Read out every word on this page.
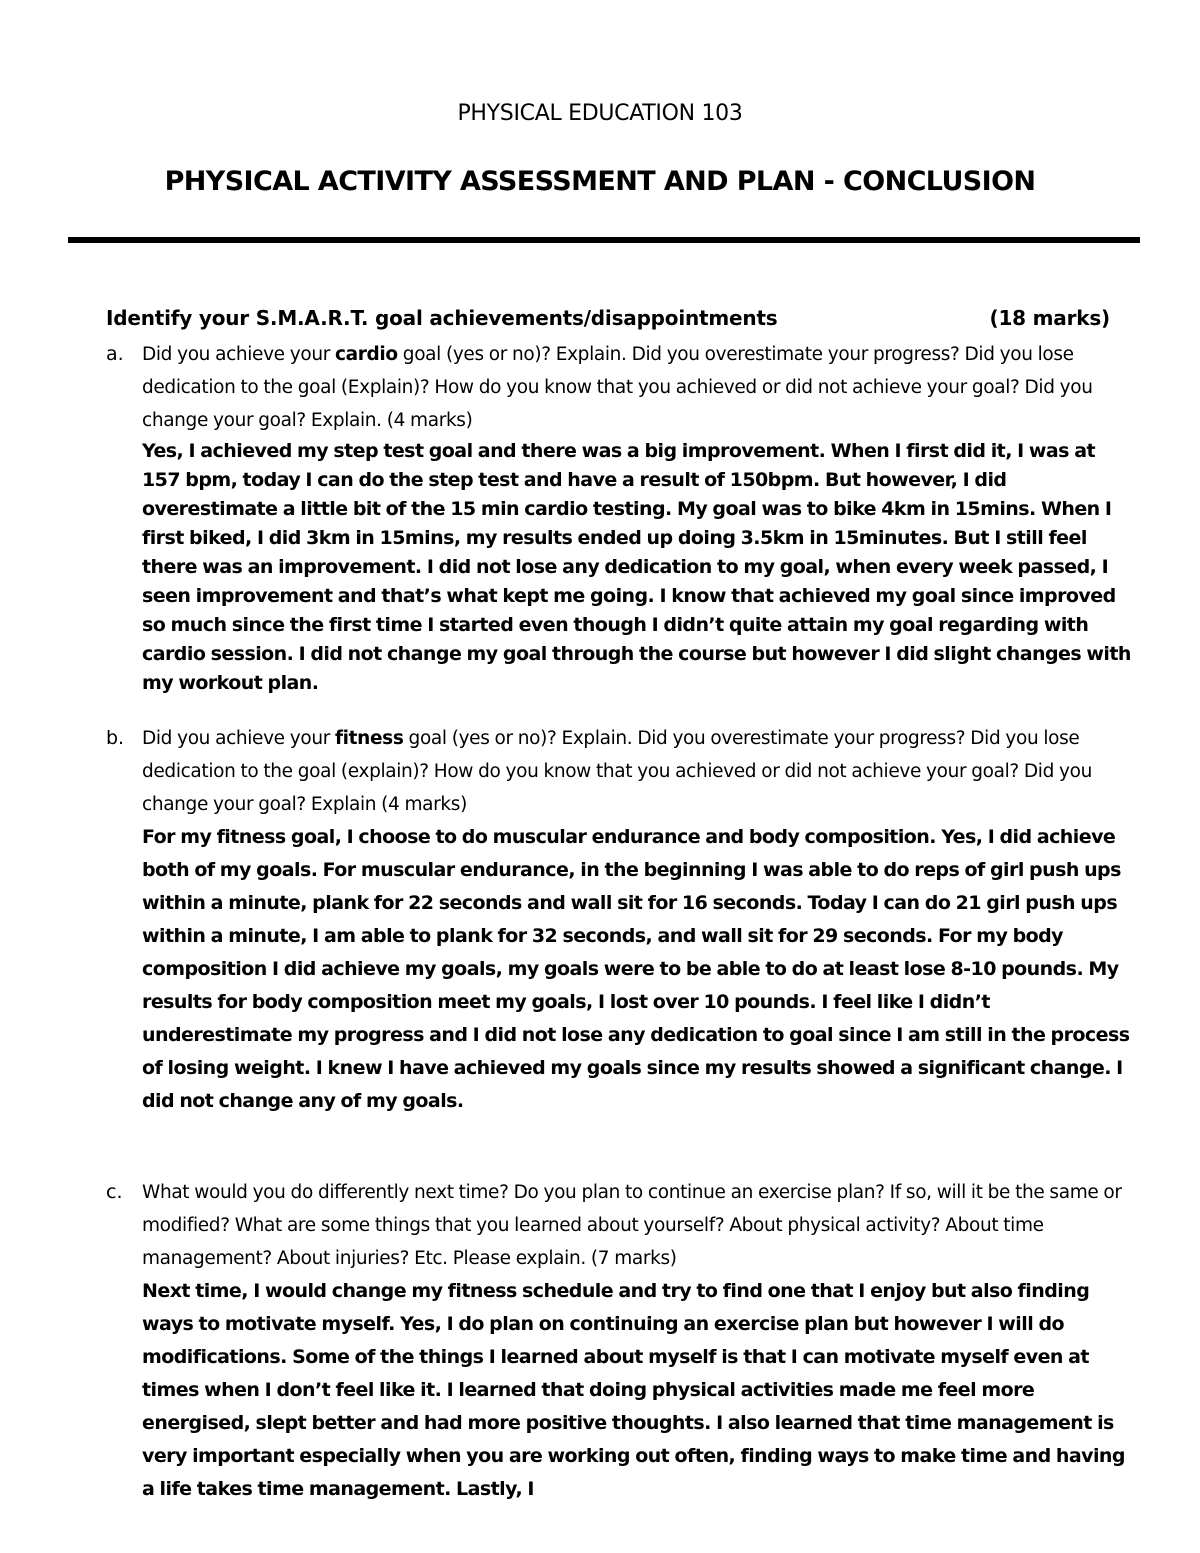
PHYSICAL EDUCATION 103
PHYSICAL ACTIVITY ASSESSMENT AND PLAN - CONCLUSION
Identify your S.M.A.R.T. goal achievements/disappointments	(18 marks)
a. Did you achieve your cardio goal (yes or no)? Explain. Did you overestimate your progress? Did you lose dedication to the goal (Explain)? How do you know that you achieved or did not achieve your goal? Did you change your goal? Explain. (4 marks)
Yes, I achieved my step test goal and there was a big improvement. When I first did it, I was at 157 bpm, today I can do the step test and have a result of 150bpm. But however, I did overestimate a little bit of the 15 min cardio testing. My goal was to bike 4km in 15mins. When I first biked, I did 3km in 15mins, my results ended up doing 3.5km in 15minutes. But I still feel there was an improvement. I did not lose any dedication to my goal, when every week passed, I seen improvement and that’s what kept me going. I know that achieved my goal since improved so much since the first time I started even though I didn’t quite attain my goal regarding with cardio session. I did not change my goal through the course but however I did slight changes with my workout plan.
b. Did you achieve your fitness goal (yes or no)? Explain. Did you overestimate your progress? Did you lose dedication to the goal (explain)? How do you know that you achieved or did not achieve your goal? Did you change your goal? Explain (4 marks)
For my fitness goal, I choose to do muscular endurance and body composition. Yes, I did achieve both of my goals. For muscular endurance, in the beginning I was able to do reps of girl push ups within a minute, plank for 22 seconds and wall sit for 16 seconds. Today I can do 21 girl push ups within a minute, I am able to plank for 32 seconds, and wall sit for 29 seconds. For my body composition I did achieve my goals, my goals were to be able to do at least lose 8-10 pounds. My results for body composition meet my goals, I lost over 10 pounds. I feel like I didn’t underestimate my progress and I did not lose any dedication to goal since I am still in the process of losing weight. I knew I have achieved my goals since my results showed a significant change. I did not change any of my goals.
c. What would you do differently next time? Do you plan to continue an exercise plan? If so, will it be the same or modified? What are some things that you learned about yourself? About physical activity? About time management? About injuries? Etc. Please explain. (7 marks)
Next time, I would change my fitness schedule and try to find one that I enjoy but also finding ways to motivate myself. Yes, I do plan on continuing an exercise plan but however I will do modifications. Some of the things I learned about myself is that I can motivate myself even at times when I don’t feel like it. I learned that doing physical activities made me feel more energised, slept better and had more positive thoughts. I also learned that time management is very important especially when you are working out often, finding ways to make time and having a life takes time management. Lastly, I
